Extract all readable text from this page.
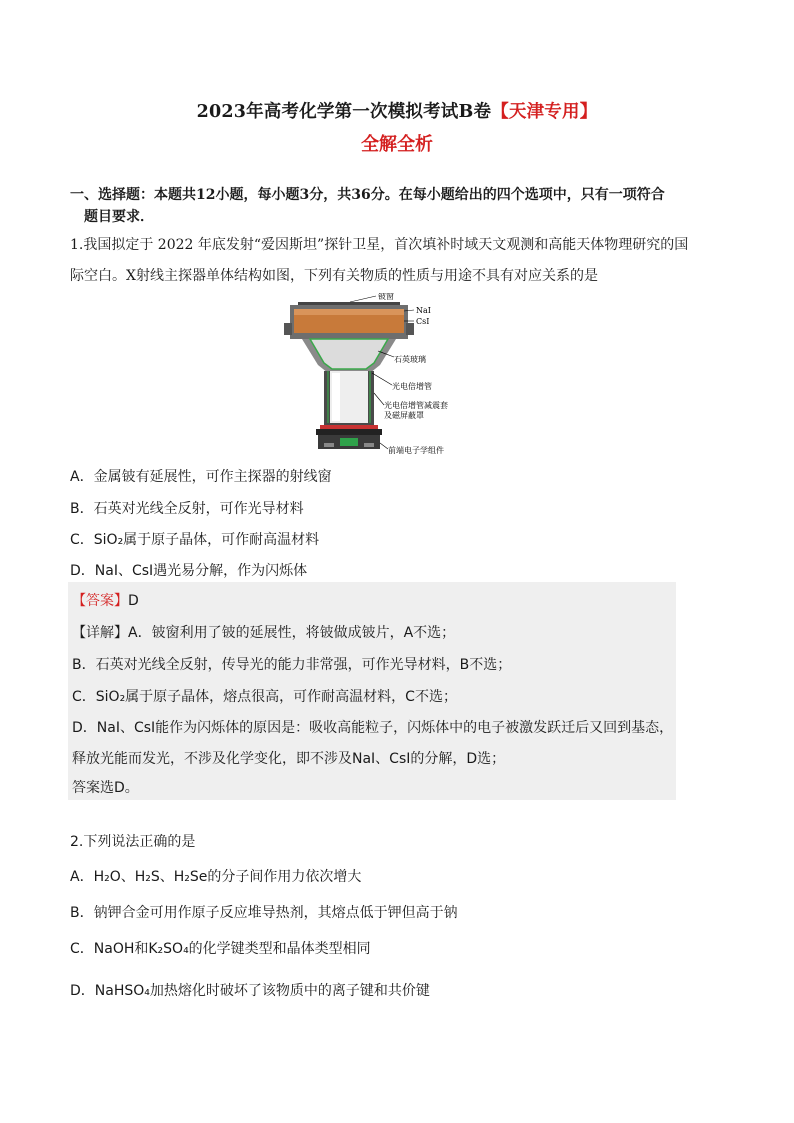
2023年高考化学第一次模拟考试B卷【天津专用】
全解全析
一、选择题：本题共12小题，每小题3分，共36分。在每小题给出的四个选项中，只有一项符合
题目要求．
1.我国拟定于 2022 年底发射“爱因斯坦”探针卫星，首次填补时域天文观测和高能天体物理研究的国
际空白。X射线主探器单体结构如图，下列有关物质的性质与用途不具有对应关系的是
铍窗
NaI
CsI
石英玻璃
光电倍增管
光电倍增管减震套
及磁屏蔽罩
前端电子学组件
A．金属铍有延展性，可作主探器的射线窗
B．石英对光线全反射，可作光导材料
C．SiO₂属于原子晶体，可作耐高温材料
D．NaI、CsI遇光易分解，作为闪烁体
【答案】D
【详解】A．铍窗利用了铍的延展性，将铍做成铍片，A不选；
B．石英对光线全反射，传导光的能力非常强，可作光导材料，B不选；
C．SiO₂属于原子晶体，熔点很高，可作耐高温材料，C不选；
D．NaI、CsI能作为闪烁体的原因是：吸收高能粒子，闪烁体中的电子被激发跃迁后又回到基态，
释放光能而发光，不涉及化学变化，即不涉及NaI、CsI的分解，D选；
答案选D。
2.下列说法正确的是
A．H₂O、H₂S、H₂Se的分子间作用力依次增大
B．钠钾合金可用作原子反应堆导热剂，其熔点低于钾但高于钠
C．NaOH和K₂SO₄的化学键类型和晶体类型相同
D．NaHSO₄加热熔化时破坏了该物质中的离子键和共价键
